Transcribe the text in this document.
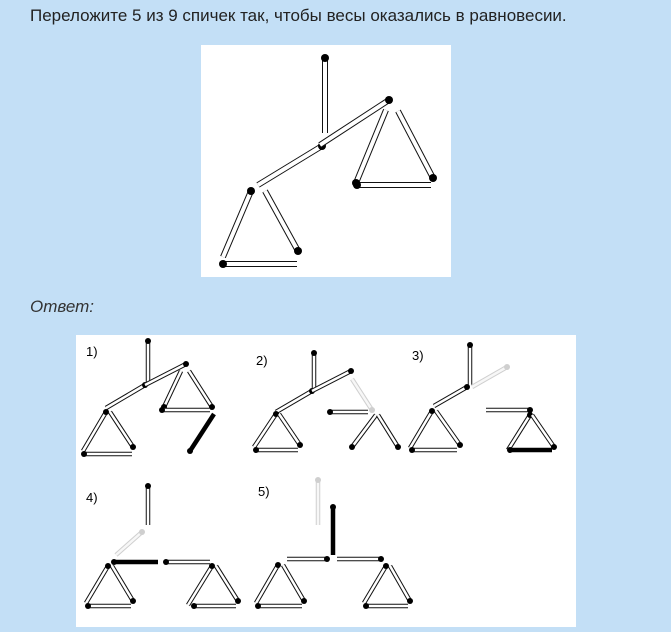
Переложите 5 из 9 спичек так, чтобы весы оказались в равновесии.

Ответ:

1)
2)	3)
4)	5)
